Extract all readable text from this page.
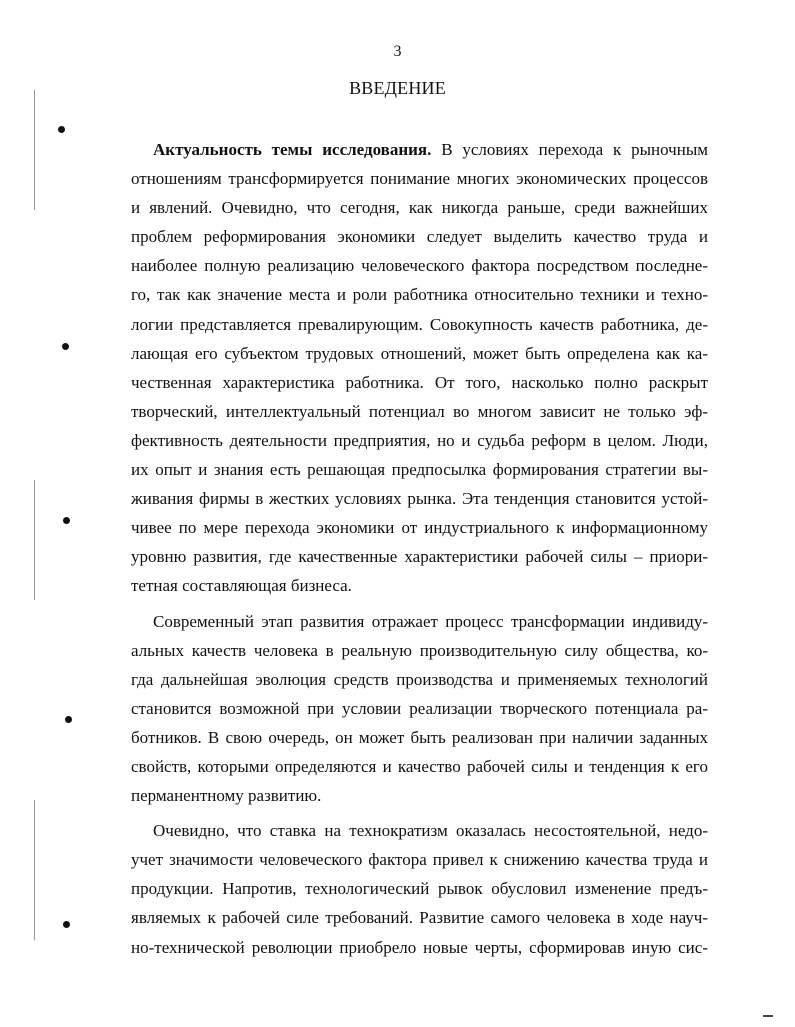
3
ВВЕДЕНИЕ
Актуальность темы исследования. В условиях перехода к рыночным
отношениям трансформируется понимание многих экономических процессов
и явлений. Очевидно, что сегодня, как никогда раньше, среди важнейших
проблем реформирования экономики следует выделить качество труда и
наиболее полную реализацию человеческого фактора посредством последне-
го, так как значение места и роли работника относительно техники и техно-
логии представляется превалирующим. Совокупность качеств работника, де-
лающая его субъектом трудовых отношений, может быть определена как ка-
чественная характеристика работника. От того, насколько полно раскрыт
творческий, интеллектуальный потенциал во многом зависит не только эф-
фективность деятельности предприятия, но и судьба реформ в целом. Люди,
их опыт и знания есть решающая предпосылка формирования стратегии вы-
живания фирмы в жестких условиях рынка. Эта тенденция становится устой-
чивее по мере перехода экономики от индустриального к информационному
уровню развития, где качественные характеристики рабочей силы – приори-
тетная составляющая бизнеса.
Современный этап развития отражает процесс трансформации индивиду-
альных качеств человека в реальную производительную силу общества, ко-
гда дальнейшая эволюция средств производства и применяемых технологий
становится возможной при условии реализации творческого потенциала ра-
ботников. В свою очередь, он может быть реализован при наличии заданных
свойств, которыми определяются и качество рабочей силы и тенденция к его
перманентному развитию.
Очевидно, что ставка на технократизм оказалась несостоятельной, недо-
учет значимости человеческого фактора привел к снижению качества труда и
продукции. Напротив, технологический рывок обусловил изменение предъ-
являемых к рабочей силе требований. Развитие самого человека в ходе науч-
но-технической революции приобрело новые черты, сформировав иную сис-
